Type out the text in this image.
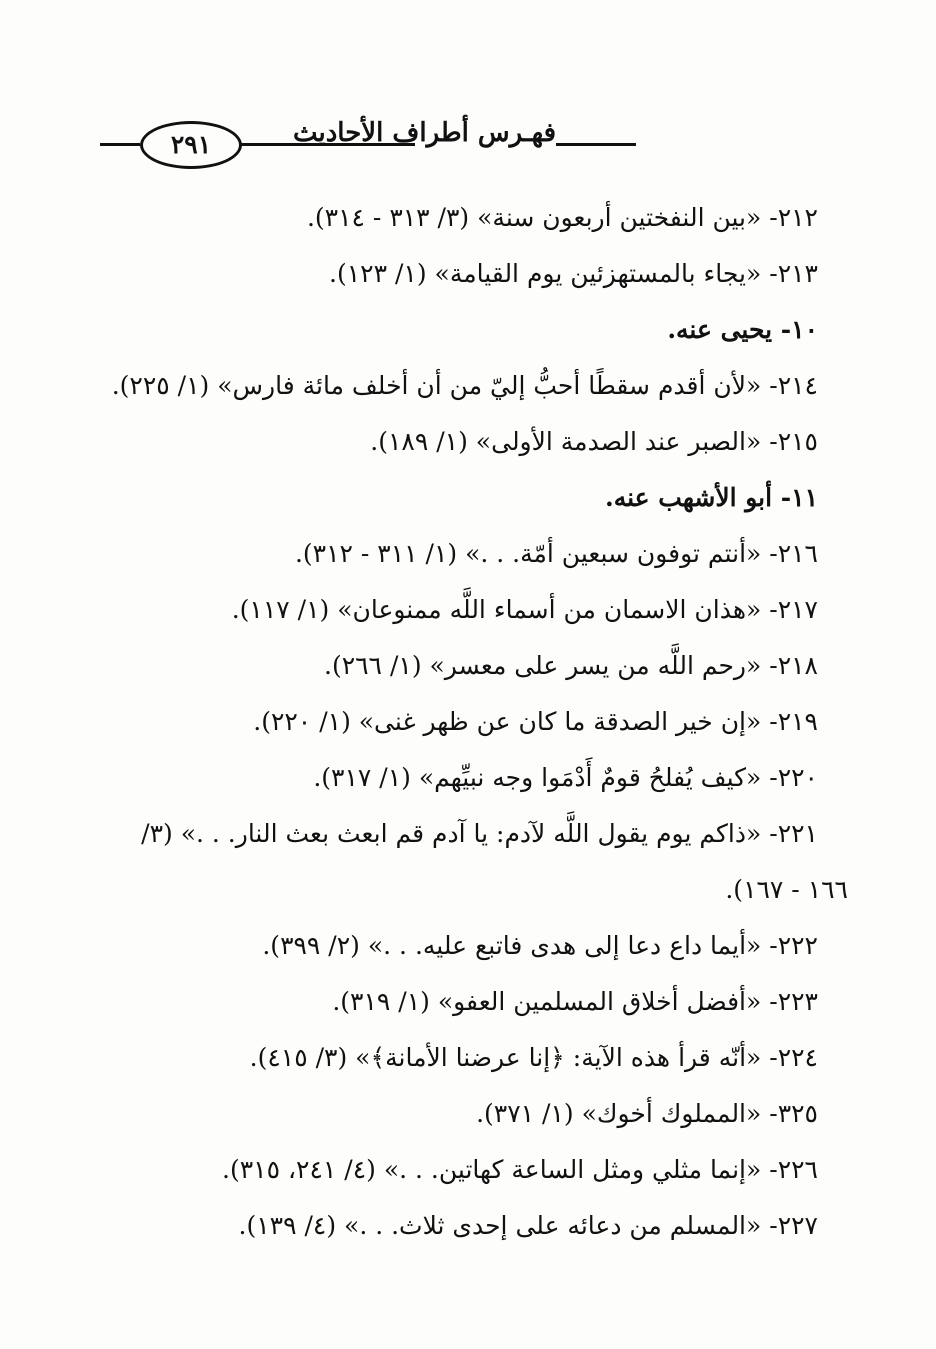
٢٩١	فهـرس أطراف الأحاديث
٢١٢- «بين النفختين أربعون سنة» (٣/ ٣١٣ - ٣١٤).
٢١٣- «يجاء بالمستهزئين يوم القيامة» (١/ ١٢٣).
١٠- يحيى عنه.
٢١٤- «لأن أقدم سقطًا أحبُّ إليّ من أن أخلف مائة فارس» (١/ ٢٢٥).
٢١٥- «الصبر عند الصدمة الأولى» (١/ ١٨٩).
١١- أبو الأشهب عنه.
٢١٦- «أنتم توفون سبعين أمّة. . .» (١/ ٣١١ - ٣١٢).
٢١٧- «هذان الاسمان من أسماء اللَّه ممنوعان» (١/ ١١٧).
٢١٨- «رحم اللَّه من يسر على معسر» (١/ ٢٦٦).
٢١٩- «إن خير الصدقة ما كان عن ظهر غنى» (١/ ٢٢٠).
٢٢٠- «كيف يُفلحُ قومٌ أَدْمَوا وجه نبيِّهم» (١/ ٣١٧).
٢٢١- «ذاكم يوم يقول اللَّه لآدم: يا آدم قم ابعث بعث النار. . .» (٣/
١٦٦ - ١٦٧).
٢٢٢- «أيما داع دعا إلى هدى فاتبع عليه. . .» (٢/ ٣٩٩).
٢٢٣- «أفضل أخلاق المسلمين العفو» (١/ ٣١٩).
٢٢٤- «أنّه قرأ هذه الآية: ﴿إنا عرضنا الأمانة﴾» (٣/ ٤١٥).
٣٢٥- «المملوك أخوك» (١/ ٣٧١).
٢٢٦- «إنما مثلي ومثل الساعة كهاتين. . .» (٤/ ٢٤١، ٣١٥).
٢٢٧- «المسلم من دعائه على إحدى ثلاث. . .» (٤/ ١٣٩).
